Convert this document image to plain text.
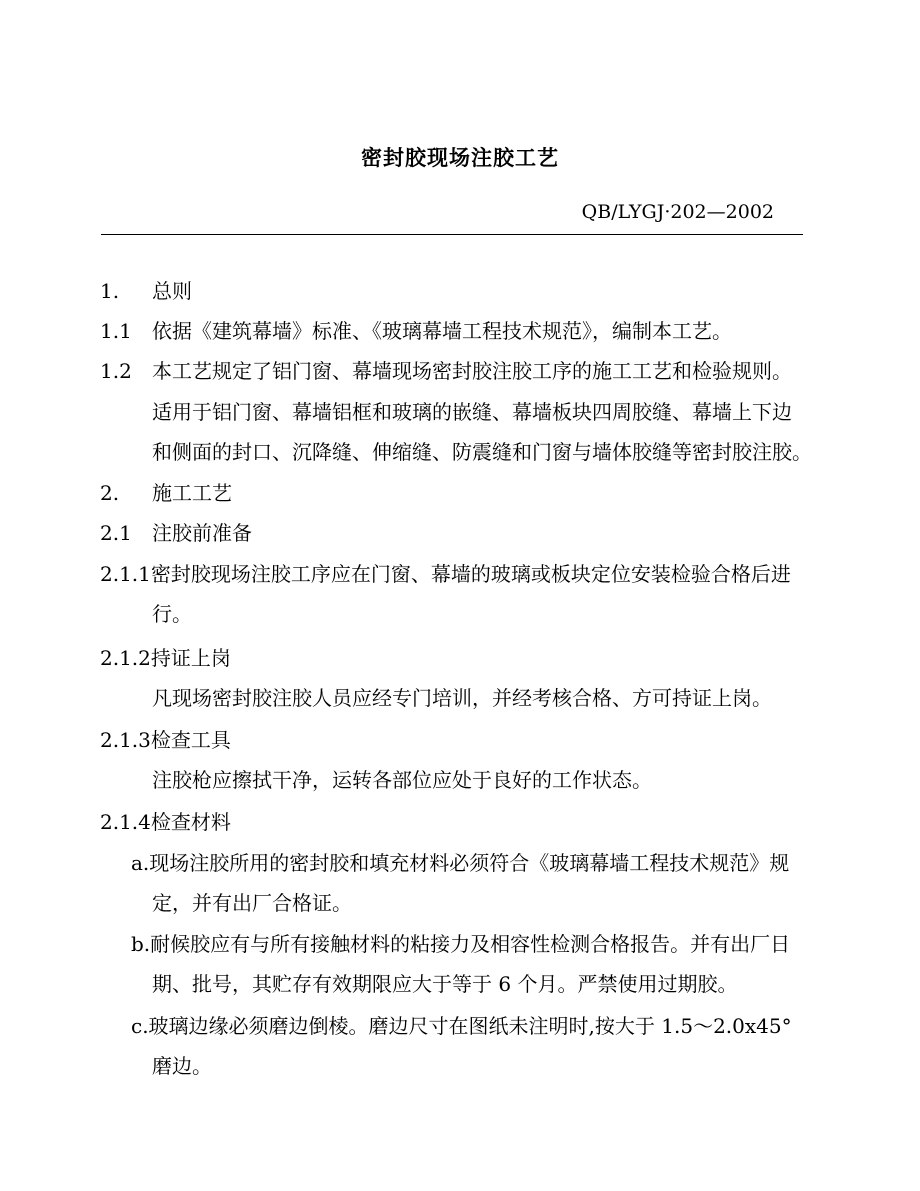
密封胶现场注胶工艺
QB/LYGJ·202—2002
1. 总则
1.1 依据《建筑幕墙》标准、《玻璃幕墙工程技术规范》，编制本工艺。
1.2 本工艺规定了铝门窗、幕墙现场密封胶注胶工序的施工工艺和检验规则。
适用于铝门窗、幕墙铝框和玻璃的嵌缝、幕墙板块四周胶缝、幕墙上下边
和侧面的封口、沉降缝、伸缩缝、防震缝和门窗与墙体胶缝等密封胶注胶。
2. 施工工艺
2.1 注胶前准备
2.1.1密封胶现场注胶工序应在门窗、幕墙的玻璃或板块定位安装检验合格后进
行。
2.1.2持证上岗
凡现场密封胶注胶人员应经专门培训，并经考核合格、方可持证上岗。
2.1.3检查工具
注胶枪应擦拭干净，运转各部位应处于良好的工作状态。
2.1.4检查材料
a.现场注胶所用的密封胶和填充材料必须符合《玻璃幕墙工程技术规范》规
定，并有出厂合格证。
b.耐候胶应有与所有接触材料的粘接力及相容性检测合格报告。并有出厂日
期、批号，其贮存有效期限应大于等于 6 个月。严禁使用过期胶。
c.玻璃边缘必须磨边倒棱。磨边尺寸在图纸未注明时,按大于 1.5～2.0x45°
磨边。
